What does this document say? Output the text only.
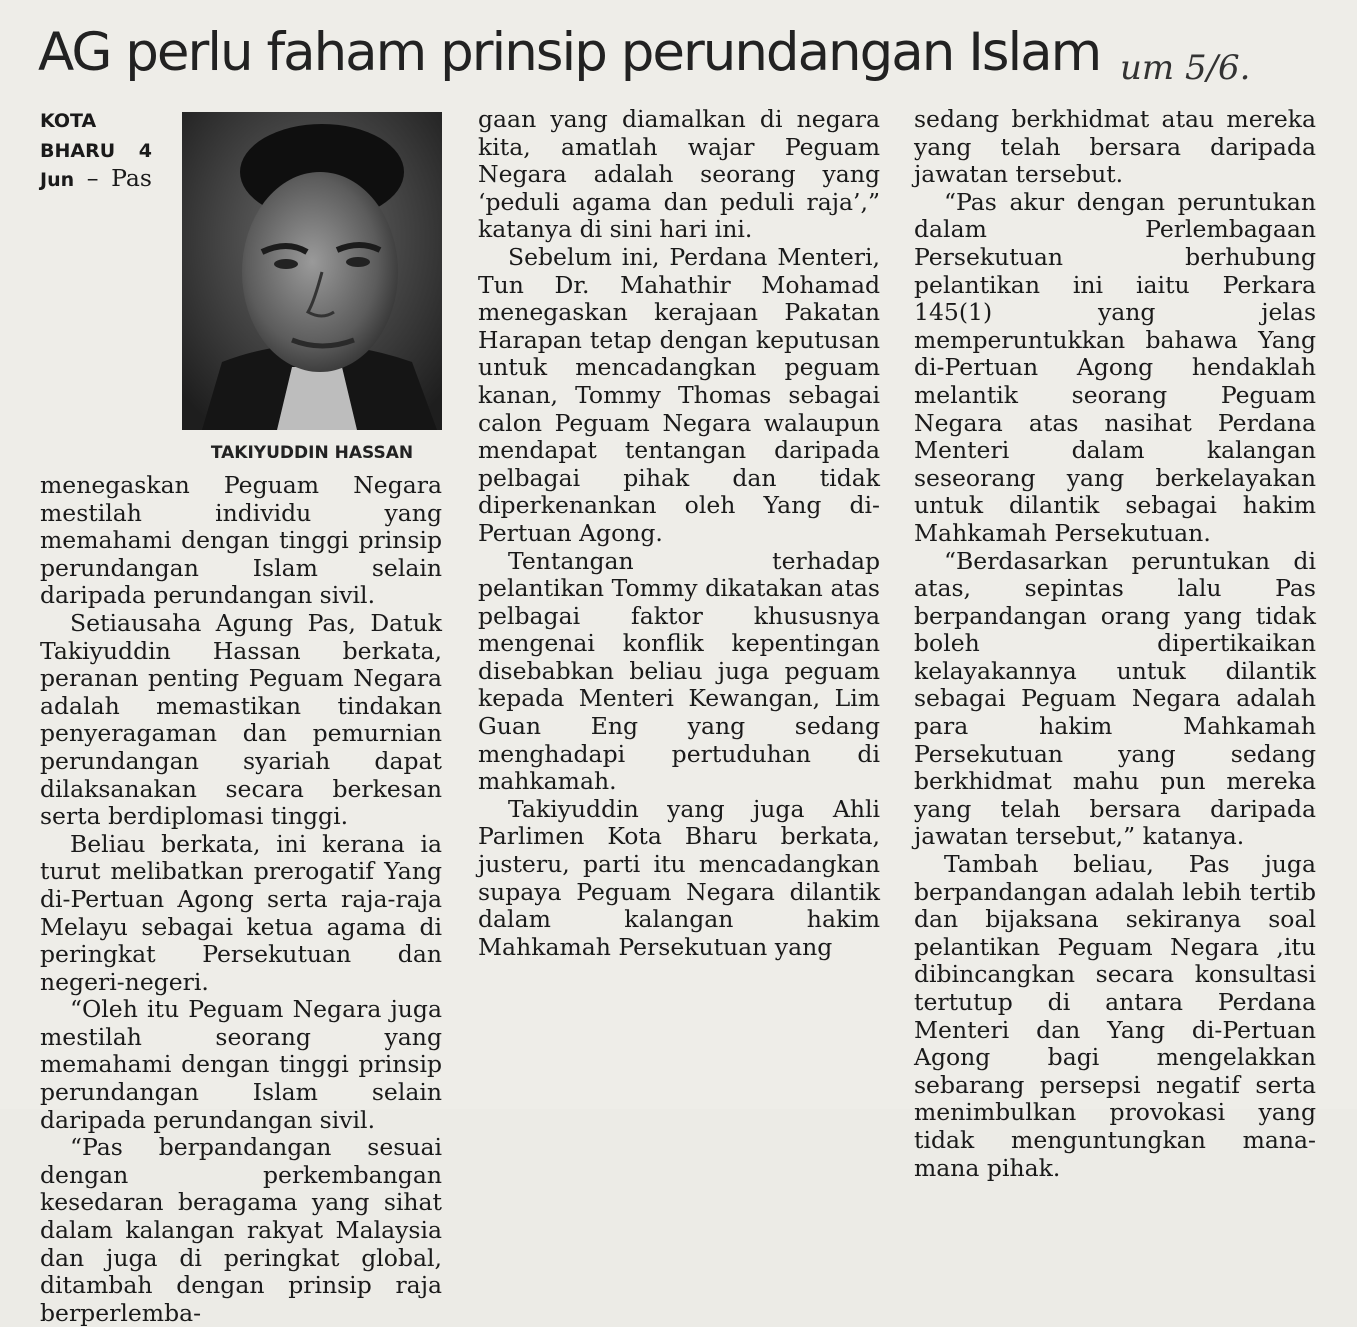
AG perlu faham prinsip perundangan Islam um 5/6.
TAKIYUDDIN HASSAN

KOTA BHARU 4 Jun – Pas menegaskan Peguam Negara mestilah individu yang memahami dengan tinggi prinsip perundangan Islam selain daripada perundangan sivil.

Setiausaha Agung Pas, Datuk Takiyuddin Hassan berkata, peranan penting Peguam Negara adalah memastikan tindakan penyeragaman dan pemurnian perundangan syariah dapat dilaksanakan secara berkesan serta berdiplomasi tinggi.

Beliau berkata, ini kerana ia turut melibatkan prerogatif Yang di-Pertuan Agong serta raja-raja Melayu sebagai ketua agama di peringkat Persekutuan dan negeri-negeri.

“Oleh itu Peguam Negara juga mestilah seorang yang memahami dengan tinggi prinsip perundangan Islam selain daripada perundangan sivil.

“Pas berpandangan sesuai dengan perkembangan kesedaran beragama yang sihat dalam kalangan rakyat Malaysia dan juga di peringkat global, ditambah dengan prinsip raja berperlemba-

gaan yang diamalkan di negara kita, amatlah wajar Peguam Negara adalah seorang yang ‘peduli agama dan peduli raja’,” katanya di sini hari ini.

Sebelum ini, Perdana Menteri, Tun Dr. Mahathir Mohamad menegaskan kerajaan Pakatan Harapan tetap dengan keputusan untuk mencadangkan peguam kanan, Tommy Thomas sebagai calon Peguam Negara walaupun mendapat tentangan daripada pelbagai pihak dan tidak diperkenankan oleh Yang di-Pertuan Agong.

Tentangan terhadap pelantikan Tommy dikatakan atas pelbagai faktor khususnya mengenai konflik kepentingan disebabkan beliau juga peguam kepada Menteri Kewangan, Lim Guan Eng yang sedang menghadapi pertuduhan di mahkamah.

Takiyuddin yang juga Ahli Parlimen Kota Bharu berkata, justeru, parti itu mencadangkan supaya Peguam Negara dilantik dalam kalangan hakim Mahkamah Persekutuan yang

sedang berkhidmat atau mereka yang telah bersara daripada jawatan tersebut.

“Pas akur dengan peruntukan dalam Perlembagaan Persekutuan berhubung pelantikan ini iaitu Perkara 145(1) yang jelas memperuntukkan bahawa Yang di-Pertuan Agong hendaklah melantik seorang Peguam Negara atas nasihat Perdana Menteri dalam kalangan seseorang yang berkelayakan untuk dilantik sebagai hakim Mahkamah Persekutuan.

“Berdasarkan peruntukan di atas, sepintas lalu Pas berpandangan orang yang tidak boleh dipertikaikan kelayakannya untuk dilantik sebagai Peguam Negara adalah para hakim Mahkamah Persekutuan yang sedang berkhidmat mahu pun mereka yang telah bersara daripada jawatan tersebut,” katanya.

Tambah beliau, Pas juga berpandangan adalah lebih tertib dan bijaksana sekiranya soal pelantikan Peguam Negara ,itu dibincangkan secara konsultasi tertutup di antara Perdana Menteri dan Yang di-Pertuan Agong bagi mengelakkan sebarang persepsi negatif serta menimbulkan provokasi yang tidak menguntungkan mana-mana pihak.
